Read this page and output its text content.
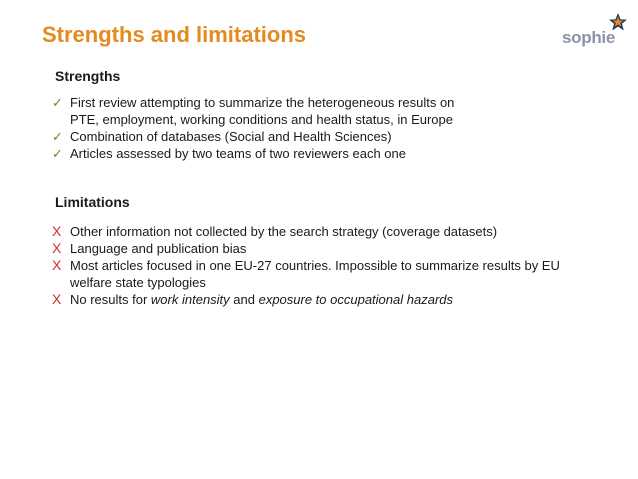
Strengths and limitations	sophie
Strengths
✓ First review attempting to summarize the heterogeneous results on
PTE, employment, working conditions and health status, in Europe
✓ Combination of databases (Social and Health Sciences)
✓ Articles assessed by two teams of two reviewers each one
Limitations
X Other information not collected by the search strategy (coverage datasets)
X Language and publication bias
X Most articles focused in one EU-27 countries. Impossible to summarize results by EU
welfare state typologies
X No results for work intensity and exposure to occupational hazards
